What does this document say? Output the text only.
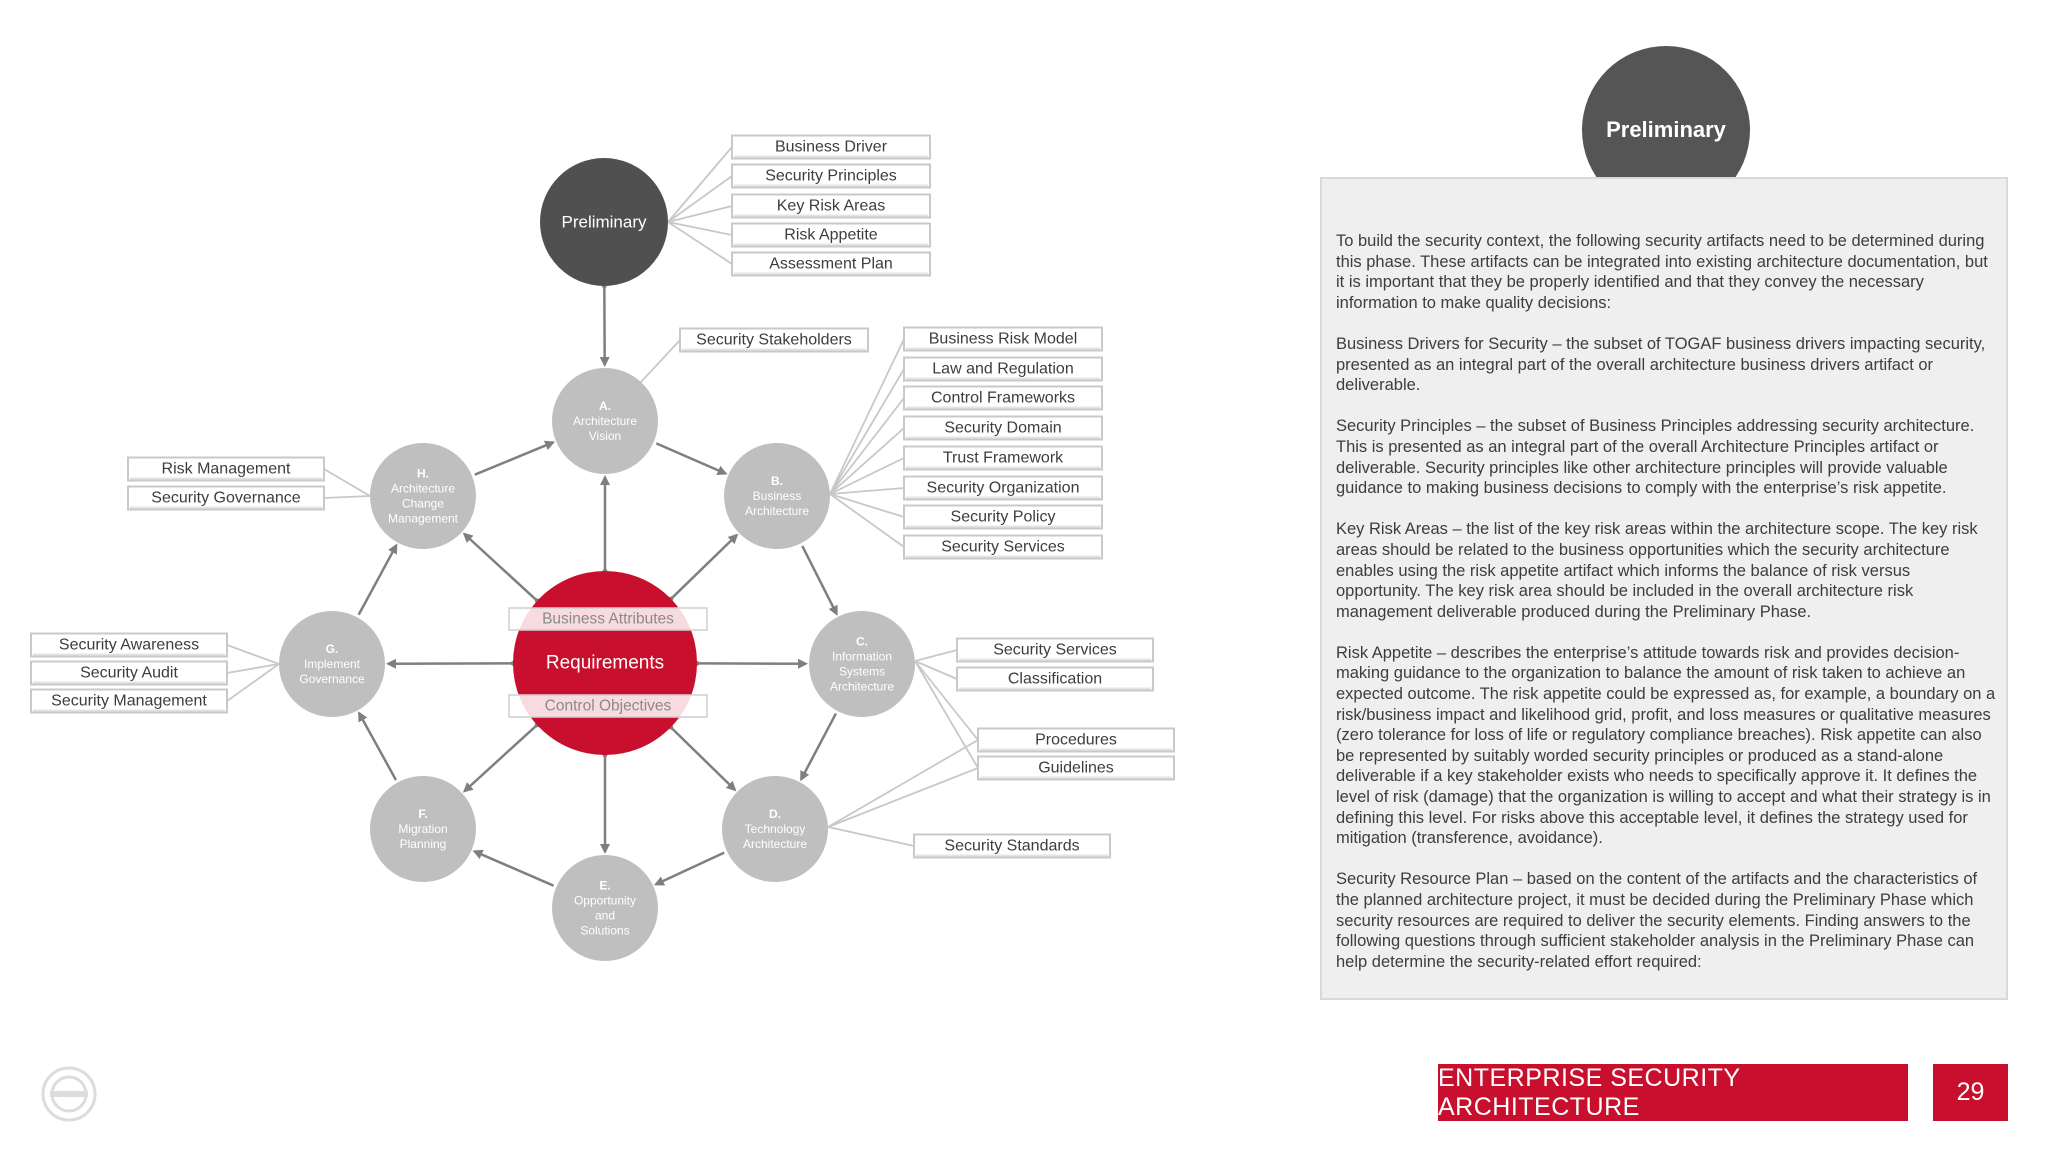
A.
Architecture
Vision
B.
Business
Architecture
C.
Information
Systems
Architecture
D.
Technology
Architecture
E.
Opportunity
and
Solutions
F.
Migration
Planning
G.
Implement
Governance
H.
Architecture
Change
Management
Preliminary
Requirements
Business Attributes
Control Objectives
Business Driver
Security Principles
Key Risk Areas
Risk Appetite
Assessment Plan
Security Stakeholders	Business Risk Model
Law and Regulation
Control Frameworks
Security Domain
Trust Framework
Security Organization
Security Policy
Security Services
Security Services
Classification
Procedures
Guidelines
Security Standards
Risk Management
Security Governance
Security Awareness
Security Audit
Security Management
Preliminary

To build the security context, the following security artifacts need to be determined during this phase. These artifacts can be integrated into existing architecture documentation, but it is important that they be properly identified and that they convey the necessary information to make quality decisions:

Business Drivers for Security – the subset of TOGAF business drivers impacting security, presented as an integral part of the overall architecture business drivers artifact or deliverable.

Security Principles – the subset of Business Principles addressing security architecture. This is presented as an integral part of the overall Architecture Principles artifact or deliverable. Security principles like other architecture principles will provide valuable guidance to making business decisions to comply with the enterprise’s risk appetite.

Key Risk Areas – the list of the key risk areas within the architecture scope. The key risk areas should be related to the business opportunities which the security architecture enables using the risk appetite artifact which informs the balance of risk versus opportunity. The key risk area should be included in the overall architecture risk management deliverable produced during the Preliminary Phase.

Risk Appetite – describes the enterprise’s attitude towards risk and provides decision-making guidance to the organization to balance the amount of risk taken to achieve an expected outcome. The risk appetite could be expressed as, for example, a boundary on a risk/business impact and likelihood grid, profit, and loss measures or qualitative measures (zero tolerance for loss of life or regulatory compliance breaches). Risk appetite can also be represented by suitably worded security principles or produced as a stand-alone deliverable if a key stakeholder exists who needs to specifically approve it. It defines the level of risk (damage) that the organization is willing to accept and what their strategy is in defining this level. For risks above this acceptable level, it defines the strategy used for mitigation (transference, avoidance).

Security Resource Plan – based on the content of the artifacts and the characteristics of the planned architecture project, it must be decided during the Preliminary Phase which security resources are required to deliver the security elements. Finding answers to the following questions through sufficient stakeholder analysis in the Preliminary Phase can help determine the security-related effort required:

ENTERPRISE SECURITY ARCHITECTURE
29
